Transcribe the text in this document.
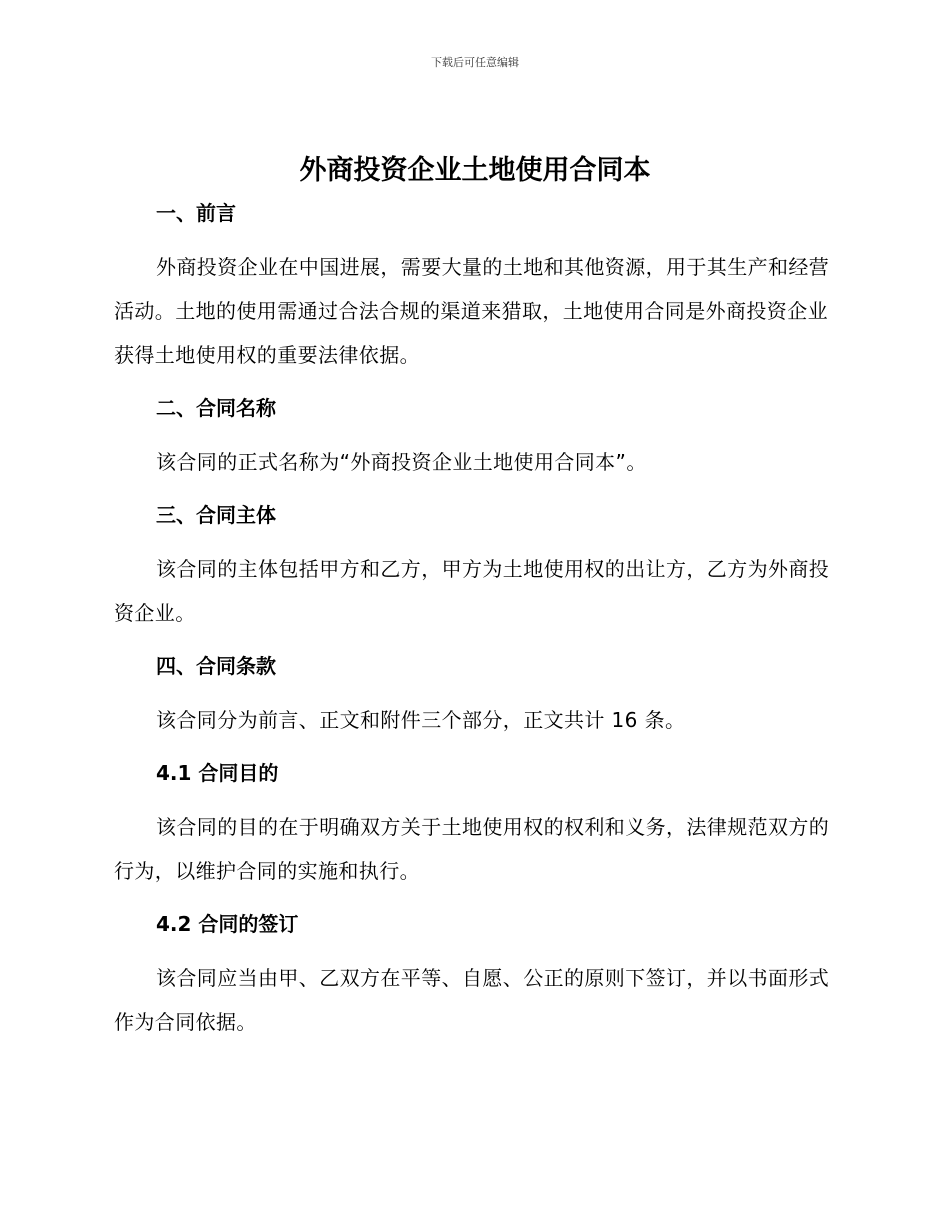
下载后可任意编辑
外商投资企业土地使用合同本
一、前言

外商投资企业在中国进展，需要大量的土地和其他资源，用于其生产和经营活动。土地的使用需通过合法合规的渠道来猎取，土地使用合同是外商投资企业获得土地使用权的重要法律依据。

二、合同名称

该合同的正式名称为“外商投资企业土地使用合同本”。

三、合同主体

该合同的主体包括甲方和乙方，甲方为土地使用权的出让方，乙方为外商投资企业。

四、合同条款

该合同分为前言、正文和附件三个部分，正文共计 16 条。

4.1 合同目的

该合同的目的在于明确双方关于土地使用权的权利和义务，法律规范双方的行为，以维护合同的实施和执行。

4.2 合同的签订

该合同应当由甲、乙双方在平等、自愿、公正的原则下签订，并以书面形式作为合同依据。
